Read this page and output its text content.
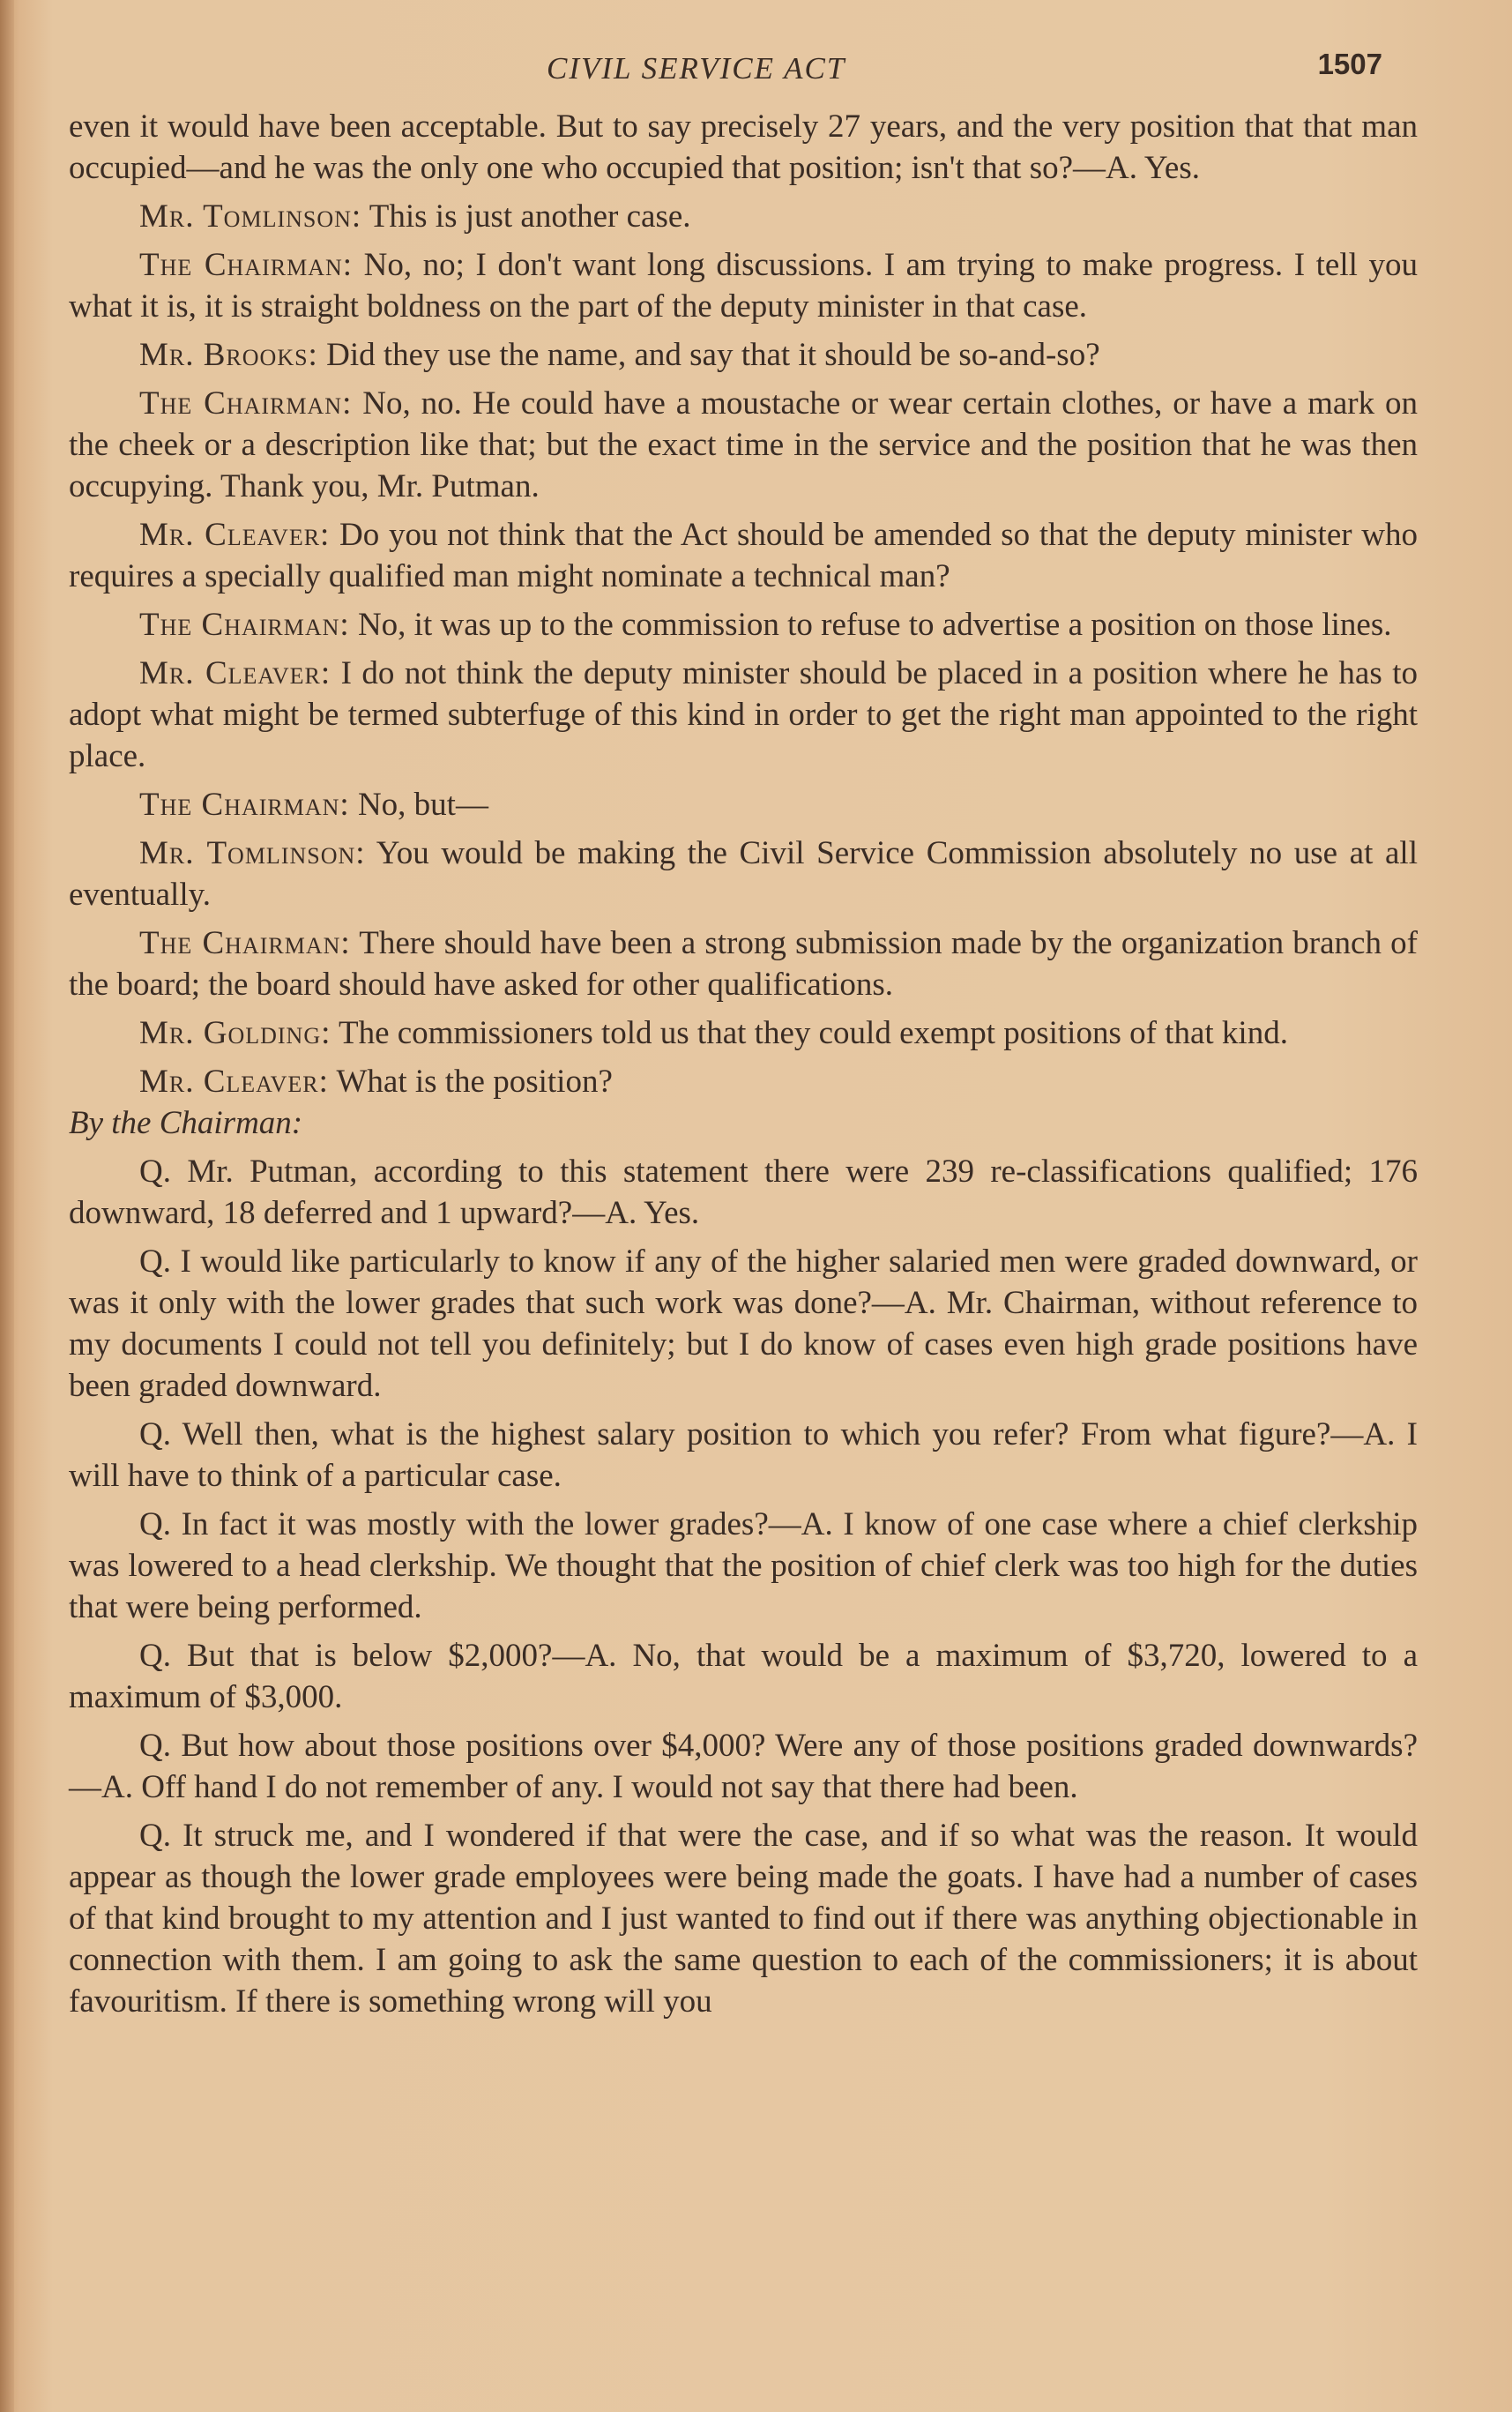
CIVIL SERVICE ACT	1507

even it would have been acceptable. But to say precisely 27 years, and the very position that that man occupied—and he was the only one who occupied that position; isn't that so?—A. Yes.

Mr. Tomlinson: This is just another case.

The Chairman: No, no; I don't want long discussions. I am trying to make progress. I tell you what it is, it is straight boldness on the part of the deputy minister in that case.

Mr. Brooks: Did they use the name, and say that it should be so-and-so?

The Chairman: No, no. He could have a moustache or wear certain clothes, or have a mark on the cheek or a description like that; but the exact time in the service and the position that he was then occupying. Thank you, Mr. Putman.

Mr. Cleaver: Do you not think that the Act should be amended so that the deputy minister who requires a specially qualified man might nominate a technical man?

The Chairman: No, it was up to the commission to refuse to advertise a position on those lines.

Mr. Cleaver: I do not think the deputy minister should be placed in a position where he has to adopt what might be termed subterfuge of this kind in order to get the right man appointed to the right place.

The Chairman: No, but—

Mr. Tomlinson: You would be making the Civil Service Commission absolutely no use at all eventually.

The Chairman: There should have been a strong submission made by the organization branch of the board; the board should have asked for other qualifications.

Mr. Golding: The commissioners told us that they could exempt positions of that kind.

Mr. Cleaver: What is the position?

By the Chairman:

Q. Mr. Putman, according to this statement there were 239 re-classifications qualified; 176 downward, 18 deferred and 1 upward?—A. Yes.

Q. I would like particularly to know if any of the higher salaried men were graded downward, or was it only with the lower grades that such work was done?—A. Mr. Chairman, without reference to my documents I could not tell you definitely; but I do know of cases even high grade positions have been graded downward.

Q. Well then, what is the highest salary position to which you refer? From what figure?—A. I will have to think of a particular case.

Q. In fact it was mostly with the lower grades?—A. I know of one case where a chief clerkship was lowered to a head clerkship. We thought that the position of chief clerk was too high for the duties that were being performed.

Q. But that is below $2,000?—A. No, that would be a maximum of $3,720, lowered to a maximum of $3,000.

Q. But how about those positions over $4,000? Were any of those positions graded downwards?—A. Off hand I do not remember of any. I would not say that there had been.

Q. It struck me, and I wondered if that were the case, and if so what was the reason. It would appear as though the lower grade employees were being made the goats. I have had a number of cases of that kind brought to my attention and I just wanted to find out if there was anything objectionable in connection with them. I am going to ask the same question to each of the commissioners; it is about favouritism. If there is something wrong will you
